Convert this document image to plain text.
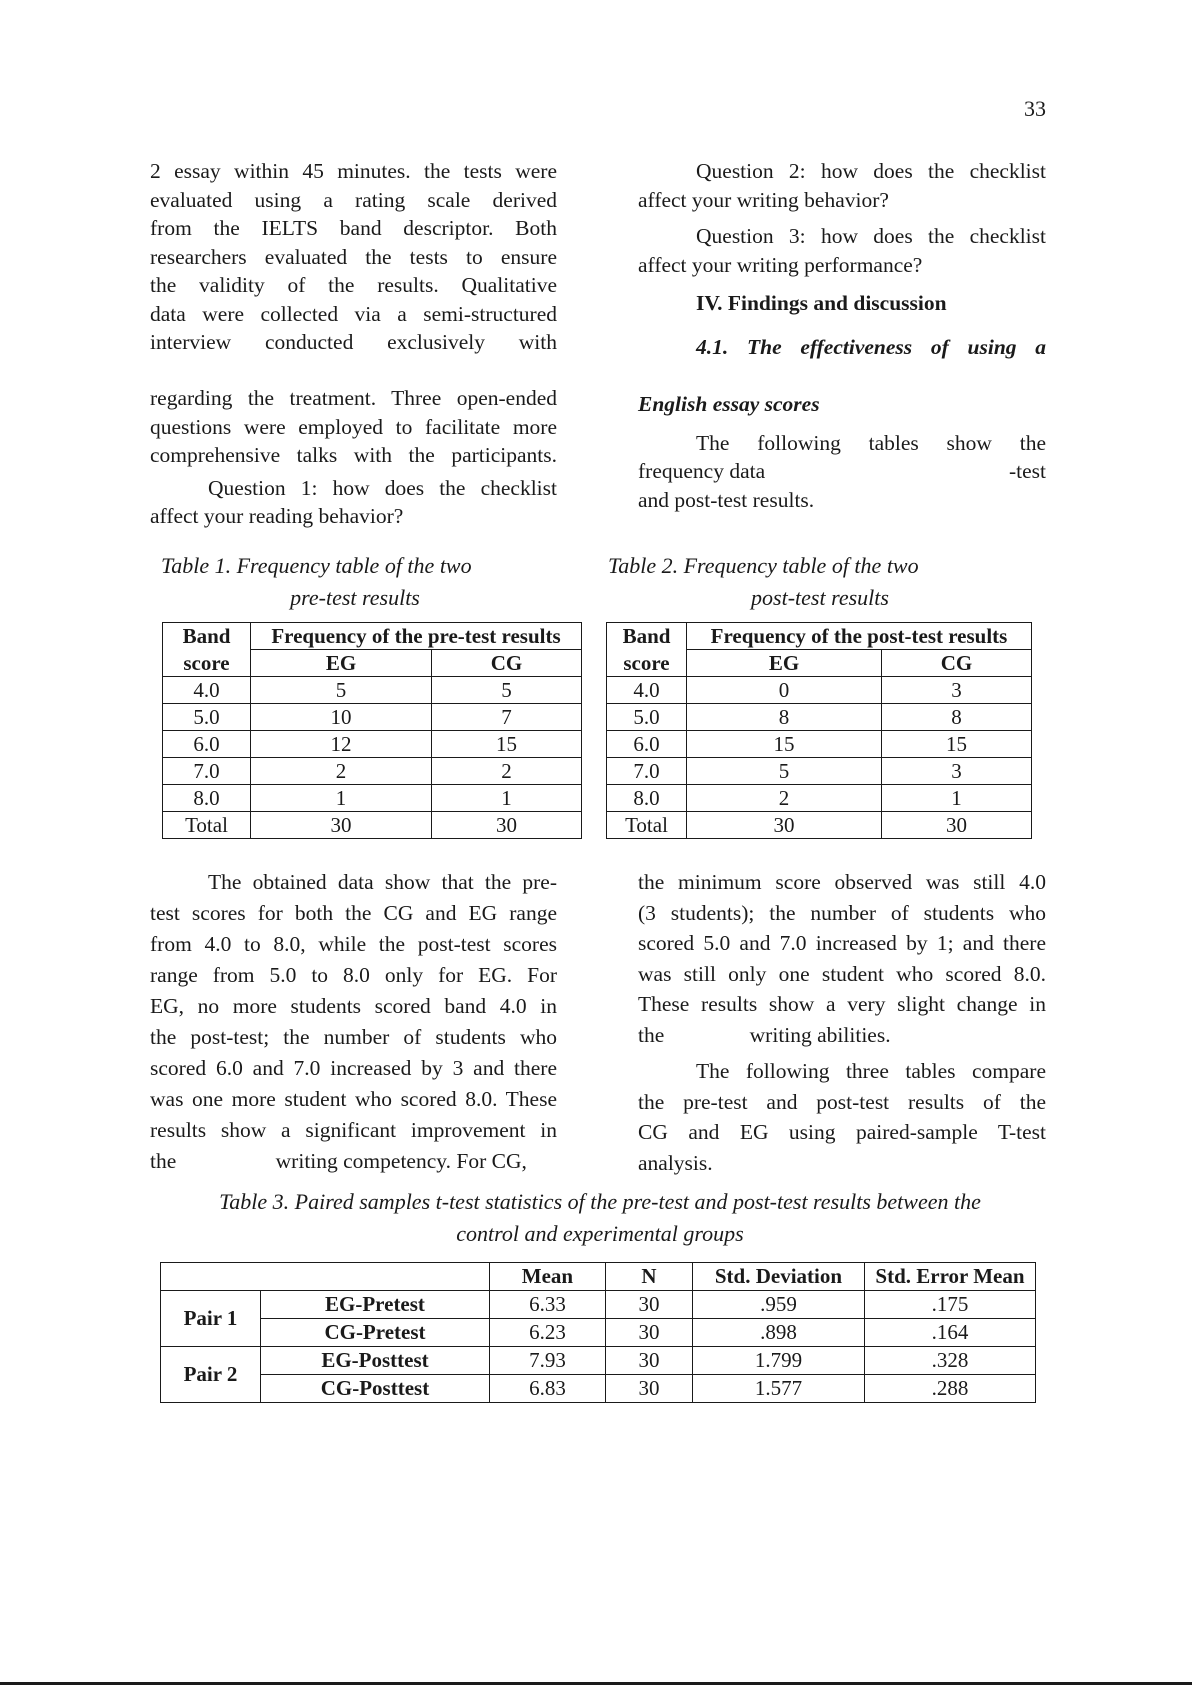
33

2 essay within 45 minutes. the tests were

evaluated using a rating scale derived

from the IELTS band descriptor. Both

researchers evaluated the tests to ensure

the validity of the results. Qualitative

data were collected via a semi-structured

interview conducted exclusively with

regarding the treatment. Three open-ended

questions were employed to facilitate more

comprehensive talks with the participants.

Question 1: how does the checklist

affect your reading behavior?

Question 2: how does the checklist

affect your writing behavior?

Question 3: how does the checklist

affect your writing performance?

IV. Findings and discussion

4.1. The effectiveness of using a

English essay scores

The following tables show the

frequency data	-test

and post-test results.

Table 1. Frequency table of the two
pre-test results
Band	Frequency of the pre-test results	
score	EG	CG
4.0	5	5
5.0	10	7
6.0	12	15
7.0	2	2
8.0	1	1
Total	30	30
Table 2. Frequency table of the two
post-test results
Band	Frequency of the post-test results	
score	EG	CG
4.0	0	3
5.0	8	8
6.0	15	15
7.0	5	3
8.0	2	1
Total	30	30

The obtained data show that the pre-

test scores for both the CG and EG range

from 4.0 to 8.0, while the post-test scores

range from 5.0 to 8.0 only for EG. For

EG, no more students scored band 4.0 in

the post-test; the number of students who

scored 6.0 and 7.0 increased by 3 and there

was one more student who scored 8.0. These

results show a significant improvement in

the	writing competency. For CG,

the minimum score observed was still 4.0

(3 students); the number of students who

scored 5.0 and 7.0 increased by 1; and there

was still only one student who scored 8.0.

These results show a very slight change in

the	writing abilities.

The following three tables compare

the pre-test and post-test results of the

CG and EG using paired-sample T-test

analysis.

Table 3. Paired samples t-test statistics of the pre-test and post-test results between the
control and experimental groups
		Mean	N	Std. Deviation	Std. Error Mean
Pair 1	EG-Pretest	6.33	30	.959	.175
	CG-Pretest	6.23	30	.898	.164
Pair 2	EG-Posttest	7.93	30	1.799	.328
	CG-Posttest	6.83	30	1.577	.288
